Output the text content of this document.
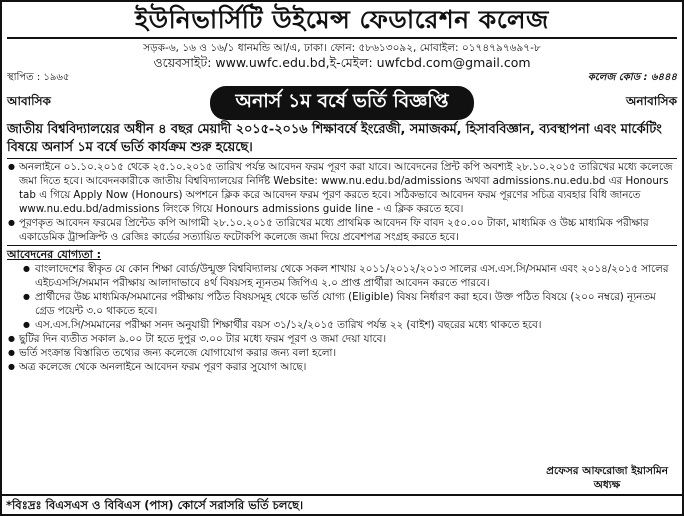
ইউনিভার্সিটি উইমেন্স ফেডারেশন কলেজ
সড়ক-৬, ১৬ ও ১৬/১ ধানমন্ডি আ/এ, ঢাকা। ফোন: ৫৮৬১৩০৯২, মোবাইল: ০১৭৪৭৯৭৬৯৭-৮
ওয়েবসাইট: www.uwfc.edu.bd,ই-মেইল: uwfcbd.com@gmail.com
স্থাপিত : ১৯৬৫	কলেজ কোড : ৬৪৪৪
আবাসিক	অনার্স ১ম বর্ষে ভর্তি বিজ্ঞপ্তি	অনাবাসিক
জাতীয় বিশ্ববিদ্যালয়ের অধীন ৪ বছর মেয়াদী ২০১৫-২০১৬ শিক্ষাবর্ষে ইংরেজী, সমাজকর্ম, হিসাববিজ্ঞান, ব্যবস্থাপনা এবং মার্কেটিং বিষয়ে অনার্স ১ম বর্ষে ভর্তি কার্যক্রম শুরু হয়েছে।
● অনলাইনে ০১.১০.২০১৫ থেকে ২৫.১০.২০১৫ তারিখ পর্যন্ত আবেদন ফরম পূরণ করা যাবে। আবেদনের প্রিন্ট কপি অবশ্যই ২৮.১০.২০১৫ তারিখের মধ্যে কলেজে জমা দিতে হবে। আবেদনকারীকে জাতীয় বিশ্ববিদ্যালয়ের নির্দিষ্ট Website: www.nu.edu.bd/admissions অথবা admissions.nu.edu.bd এর Honours tab এ গিয়ে Apply Now (Honours) অপশনে ক্লিক করে আবেদন ফরম পূরণ করতে হবে। সঠিকভাবে আবেদন ফরম পূরণের সচিত্র ব্যবহার বিধি জানতে www.nu.edu.bd/admissions লিংকে গিয়ে Honours admissions guide line - এ ক্লিক করতে হবে।
● পূরণকৃত আবেদন ফরমের প্রিন্টেড কপি আগামী ২৮.১০.২০১৫ তারিখের মধ্যে প্রাথমিক আবেদন ফি বাবদ ২৫০.০০ টাকা, মাধ্যমিক ও উচ্চ মাধ্যমিক পরীক্ষার একাডেমিক ট্রান্সক্রিপ্ট ও রেজিঃ কার্ডের সত্যায়িত ফটোকপি কলেজে জমা দিয়ে প্রবেশপত্র সংগ্রহ করতে হবে।
আবেদনের যোগ্যতা :
● বাংলাদেশের স্বীকৃত যে কোন শিক্ষা বোর্ড/উন্মুক্ত বিশ্ববিদ্যালয় থেকে সকল শাখায় ২০১১/২০১২/২০১৩ সালের এস.এস.সি/সমমান এবং ২০১৪/২০১৫ সালের এইচএসসি/সমমান পরীক্ষায় আলাদাভাবে ৪র্থ বিষয়সহ ন্যূনতম জিপিএ ২.০ প্রাপ্ত প্রার্থীরা আবেদন করতে পারবে।
● প্রার্থীদের উচ্চ মাধ্যমিক/সমমানের পরীক্ষায় পঠিত বিষয়সমূহ থেকে ভর্তি যোগ্য (Eligible) বিষয় নির্ধারণ করা হবে। উক্ত পঠিত বিষয়ে (২০০ নম্বরে) ন্যূনতম গ্রেড পয়েন্ট ৩.০ থাকতে হবে।
● এস.এস.সি/সমমানের পরীক্ষা সনদ অনুযায়ী শিক্ষার্থীর বয়স ৩১/১২/২০১৫ তারিখ পর্যন্ত ২২ (বাইশ) বছরের মধ্যে থাকতে হবে।
● ছুটির দিন ব্যতীত সকাল ৯.০০ টা হতে দুপুর ৩.০০ টার মধ্যে ফরম পূরণ ও জমা দেয়া যাবে।
● ভর্তি সংক্রান্ত বিস্তারিত তথ্যের জন্য কলেজে যোগাযোগ করার জন্য বলা হলো।
● অত্র কলেজে থেকে অনলাইনে আবেদন ফরম পূরণ করার সুযোগ আছে।
প্রফেসর আফরোজা ইয়াসমিন
অধ্যক্ষ
*বিঃদ্রঃ বিএসএস ও বিবিএস (পাস) কোর্সে সরাসরি ভর্তি চলছে।
